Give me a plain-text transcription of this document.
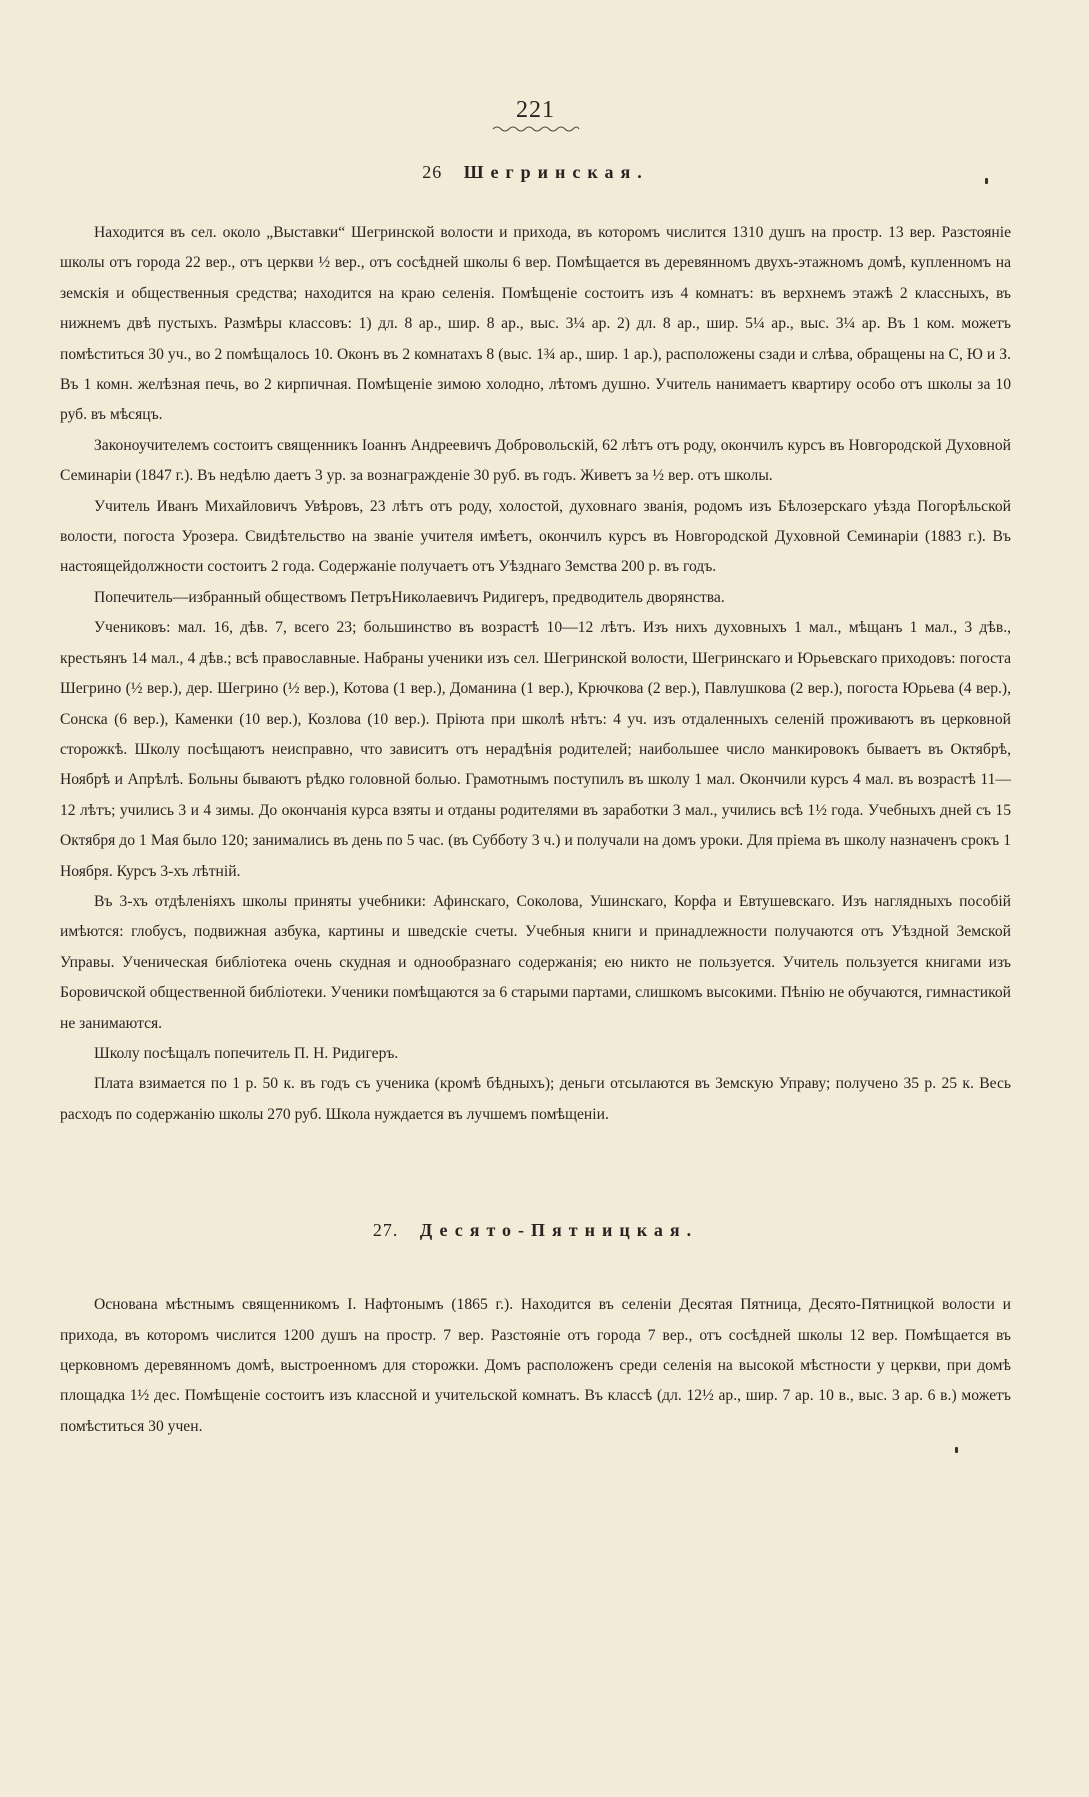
221
26 Шегринская.

Находится въ сел. около „Выставки“ Шегринской волости и прихода, въ которомъ числится 1310 душъ на простр. 13 вер. Разстояніе школы отъ города 22 вер., отъ церкви ½ вер., отъ сосѣдней школы 6 вер. Помѣщается въ деревянномъ двухъ-этажномъ домѣ, купленномъ на земскія и общественныя средства; находится на краю селенія. Помѣщеніе состоитъ изъ 4 комнатъ: въ верхнемъ этажѣ 2 классныхъ, въ нижнемъ двѣ пустыхъ. Размѣры классовъ: 1) дл. 8 ар., шир. 8 ар., выс. 3¼ ар. 2) дл. 8 ар., шир. 5¼ ар., выс. 3¼ ар. Въ 1 ком. можетъ помѣститься 30 уч., во 2 помѣщалось 10. Оконъ въ 2 комнатахъ 8 (выс. 1¾ ар., шир. 1 ар.), расположены сзади и слѣва, обращены на С, Ю и З. Въ 1 комн. желѣзная печь, во 2 кирпичная. Помѣщеніе зимою холодно, лѣтомъ душно. Учитель нанимаетъ квартиру особо отъ школы за 10 руб. въ мѣсяцъ.

Законоучителемъ состоитъ священникъ Іоаннъ Андреевичъ Добровольскій, 62 лѣтъ отъ роду, окончилъ курсъ въ Новгородской Духовной Семинаріи (1847 г.). Въ недѣлю даетъ 3 ур. за вознагражденіе 30 руб. въ годъ. Живетъ за ½ вер. отъ школы.

Учитель Иванъ Михайловичъ Увѣровъ, 23 лѣтъ отъ роду, холостой, духовнаго званія, родомъ изъ Бѣлозерскаго уѣзда Погорѣльской волости, погоста Урозера. Свидѣтельство на званіе учителя имѣетъ, окончилъ курсъ въ Новгородской Духовной Семинаріи (1883 г.). Въ настоящейдолжности состоитъ 2 года. Содержаніе получаетъ отъ Уѣзднаго Земства 200 р. въ годъ.

Попечитель—избранный обществомъ ПетръНиколаевичъ Ридигеръ, предводитель дворянства.

Учениковъ: мал. 16, дѣв. 7, всего 23; большинство въ возрастѣ 10—12 лѣтъ. Изъ нихъ духовныхъ 1 мал., мѣщанъ 1 мал., 3 дѣв., крестьянъ 14 мал., 4 дѣв.; всѣ православные. Набраны ученики изъ сел. Шегринской волости, Шегринскаго и Юрьевскаго приходовъ: погоста Шегрино (½ вер.), дер. Шегрино (½ вер.), Котова (1 вер.), Доманина (1 вер.), Крючкова (2 вер.), Павлушкова (2 вер.), погоста Юрьева (4 вер.), Сонска (6 вер.), Каменки (10 вер.), Козлова (10 вер.). Пріюта при школѣ нѣтъ: 4 уч. изъ отдаленныхъ селеній проживаютъ въ церковной сторожкѣ. Школу посѣщаютъ неисправно, что зависитъ отъ нерадѣнія родителей; наибольшее число манкировокъ бываетъ въ Октябрѣ, Ноябрѣ и Апрѣлѣ. Больны бываютъ рѣдко головной болью. Грамотнымъ поступилъ въ школу 1 мал. Окончили курсъ 4 мал. въ возрастѣ 11—12 лѣтъ; учились 3 и 4 зимы. До окончанія курса взяты и отданы родителями въ заработки 3 мал., учились всѣ 1½ года. Учебныхъ дней съ 15 Октября до 1 Мая было 120; занимались въ день по 5 час. (въ Субботу 3 ч.) и получали на домъ уроки. Для пріема въ школу назначенъ срокъ 1 Ноября. Курсъ 3-хъ лѣтній.

Въ 3-хъ отдѣленіяхъ школы приняты учебники: Афинскаго, Соколова, Ушинскаго, Корфа и Евтушевскаго. Изъ наглядныхъ пособій имѣются: глобусъ, подвижная азбука, картины и шведскіе счеты. Учебныя книги и принадлежности получаются отъ Уѣздной Земской Управы. Ученическая библіотека очень скудная и однообразнаго содержанія; ею никто не пользуется. Учитель пользуется книгами изъ Боровичской общественной библіотеки. Ученики помѣщаются за 6 старыми партами, слишкомъ высокими. Пѣнію не обучаются, гимнастикой не занимаются.

Школу посѣщалъ попечитель П. Н. Ридигеръ.

Плата взимается по 1 р. 50 к. въ годъ съ ученика (кромѣ бѣдныхъ); деньги отсылаются въ Земскую Управу; получено 35 р. 25 к. Весь расходъ по содержанію школы 270 руб. Школа нуждается въ лучшемъ помѣщеніи.

27. Десято-Пятницкая.

Основана мѣстнымъ священникомъ І. Нафтонымъ (1865 г.). Находится въ селеніи Десятая Пятница, Десято-Пятницкой волости и прихода, въ которомъ числится 1200 душъ на простр. 7 вер. Разстояніе отъ города 7 вер., отъ сосѣдней школы 12 вер. Помѣщается въ церковномъ деревянномъ домѣ, выстроенномъ для сторожки. Домъ расположенъ среди селенія на высокой мѣстности у церкви, при домѣ площадка 1½ дес. Помѣщеніе состоитъ изъ классной и учительской комнатъ. Въ классѣ (дл. 12½ ар., шир. 7 ар. 10 в., выс. 3 ар. 6 в.) можетъ помѣститься 30 учен.
